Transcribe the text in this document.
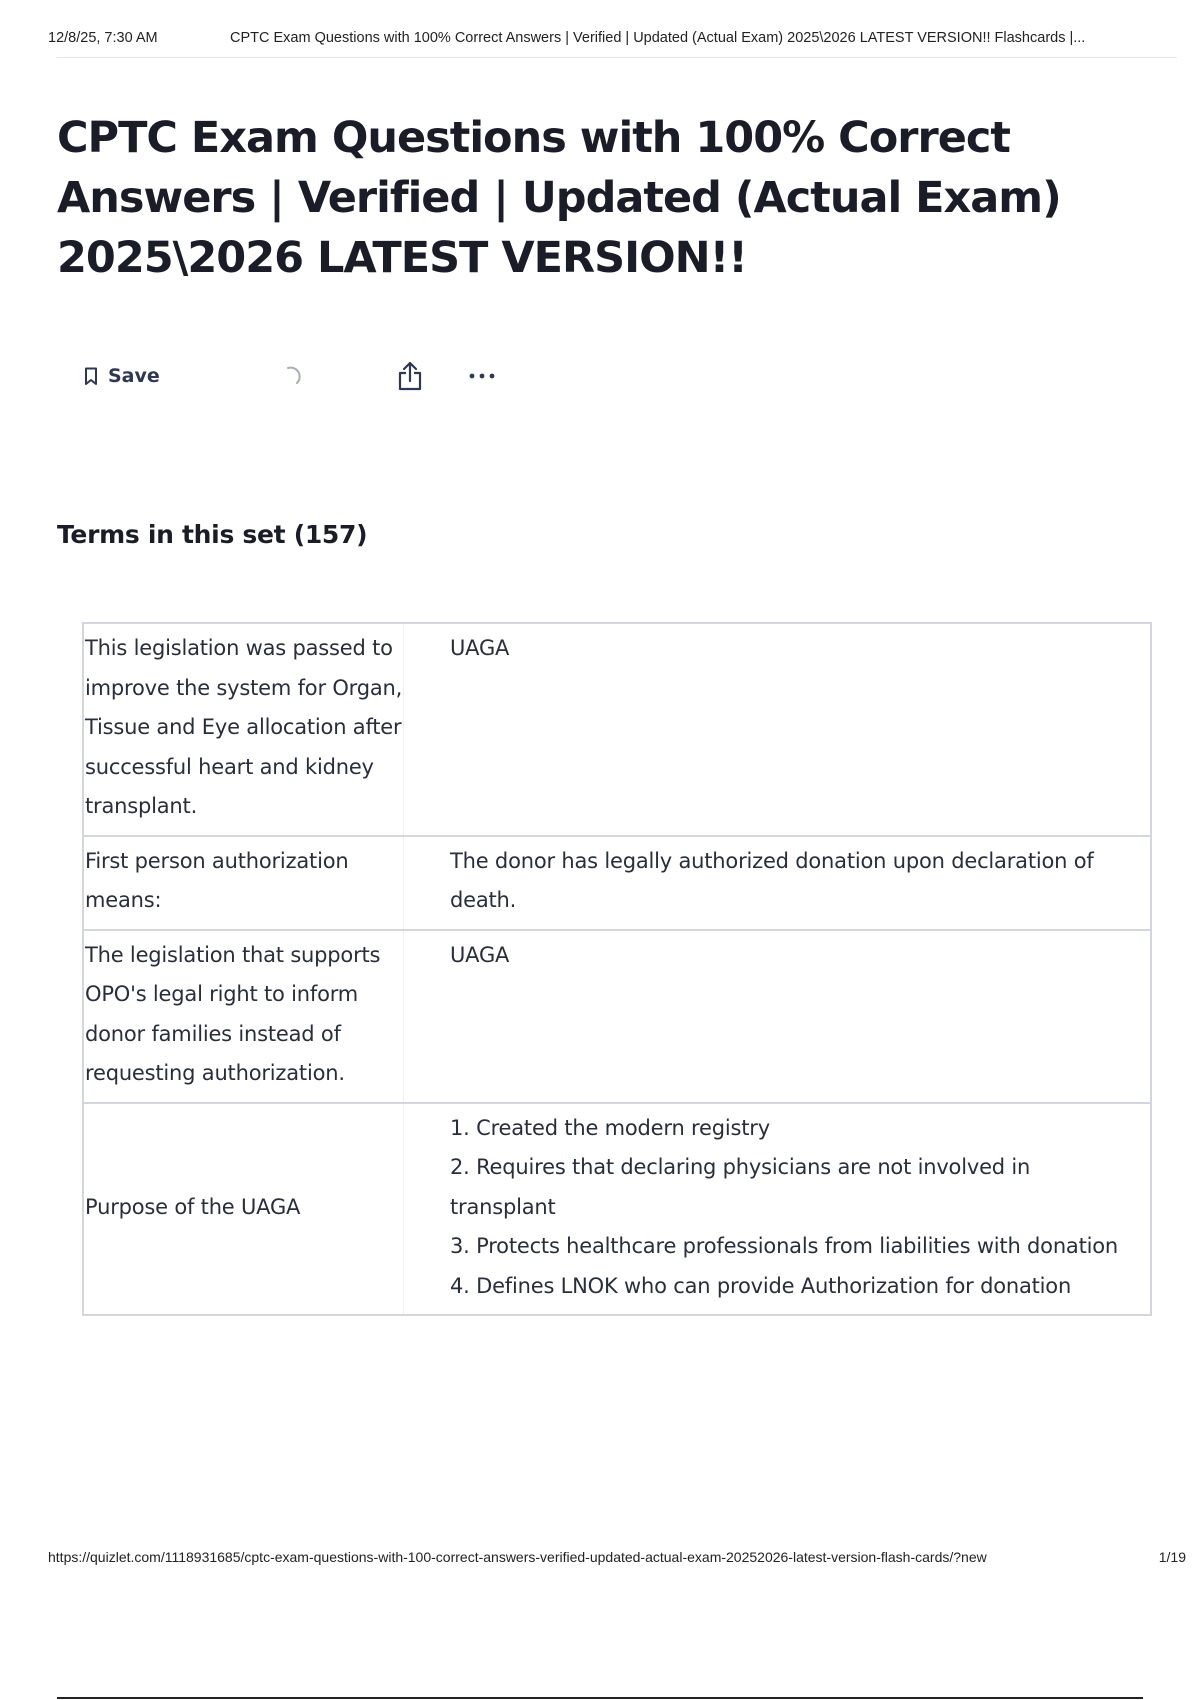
12/8/25, 7:30 AM	CPTC Exam Questions with 100% Correct Answers | Verified | Updated (Actual Exam) 2025\2026 LATEST VERSION!! Flashcards |...
CPTC Exam Questions with 100% Correct Answers | Verified | Updated (Actual Exam) 2025\2026 LATEST VERSION!!
Save
Terms in this set (157)
This legislation was passed to improve the system for Organ, Tissue and Eye allocation after successful heart and kidney transplant.
UAGA
First person authorization means:
The donor has legally authorized donation upon declaration of death.
The legislation that supports OPO's legal right to inform donor families instead of requesting authorization.
UAGA
Purpose of the UAGA
1. Created the modern registry
2. Requires that declaring physicians are not involved in transplant
3. Protects healthcare professionals from liabilities with donation
4. Defines LNOK who can provide Authorization for donation
https://quizlet.com/1118931685/cptc-exam-questions-with-100-correct-answers-verified-updated-actual-exam-20252026-latest-version-flash-cards/?new	1/19
